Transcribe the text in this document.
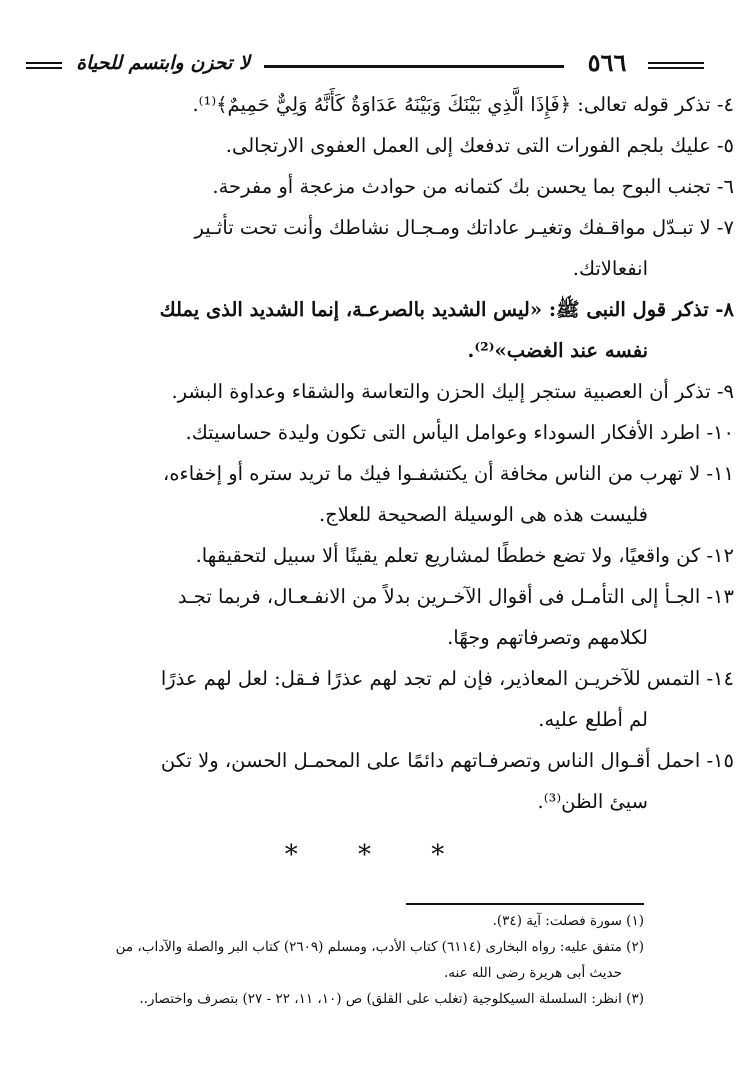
لا تحزن وابتسم للحياة	٥٦٦
٤- تذكر قوله تعالى: ﴿فَإِذَا الَّذِي بَيْنَكَ وَبَيْنَهُ عَدَاوَةٌ كَأَنَّهُ وَلِيٌّ حَمِيمٌ﴾⁽¹⁾.
٥- عليك بلجم الفورات التى تدفعك إلى العمل العفوى الارتجالى.
٦- تجنب البوح بما يحسن بك كتمانه من حوادث مزعجة أو مفرحة.
٧- لا تبـدّل مواقـفك وتغيـر عاداتك ومـجـال نشاطك وأنت تحت تأثـير
انفعالاتك.
٨- تذكر قول النبى ﷺ: «ليس الشديد بالصرعـة، إنما الشديد الذى يملك
نفسه عند الغضب»⁽²⁾.
٩- تذكر أن العصبية ستجر إليك الحزن والتعاسة والشقاء وعداوة البشر.
١٠- اطرد الأفكار السوداء وعوامل اليأس التى تكون وليدة حساسيتك.
١١- لا تهرب من الناس مخافة أن يكتشفـوا فيك ما تريد ستره أو إخفاءه،
فليست هذه هى الوسيلة الصحيحة للعلاج.
١٢- كن واقعيًا، ولا تضع خططًا لمشاريع تعلم يقينًا ألا سبيل لتحقيقها.
١٣- الجـأ إلى التأمـل فى أقوال الآخـرين بدلاً من الانفـعـال، فربما تجـد
لكلامهم وتصرفاتهم وجهًا.
١٤- التمس للآخريـن المعاذير، فإن لم تجد لهم عذرًا فـقل: لعل لهم عذرًا
لم أطلع عليه.
١٥- احمل أقـوال الناس وتصرفـاتهم دائمًا على المحمـل الحسن، ولا تكن
سيئ الظن⁽³⁾.
* * *
(١) سورة فصلت: آية (٣٤).
(٢) متفق عليه: رواه البخارى (٦١١٤) كتاب الأدب، ومسلم (٢٦٠٩) كتاب البر والصلة والآداب، من
حديث أبى هريرة رضى الله عنه.
(٣) انظر: السلسلة السيكلوجية (تغلب على القلق) ص (١٠، ١١، ٢٢ - ٢٧) بتصرف واختصار..
